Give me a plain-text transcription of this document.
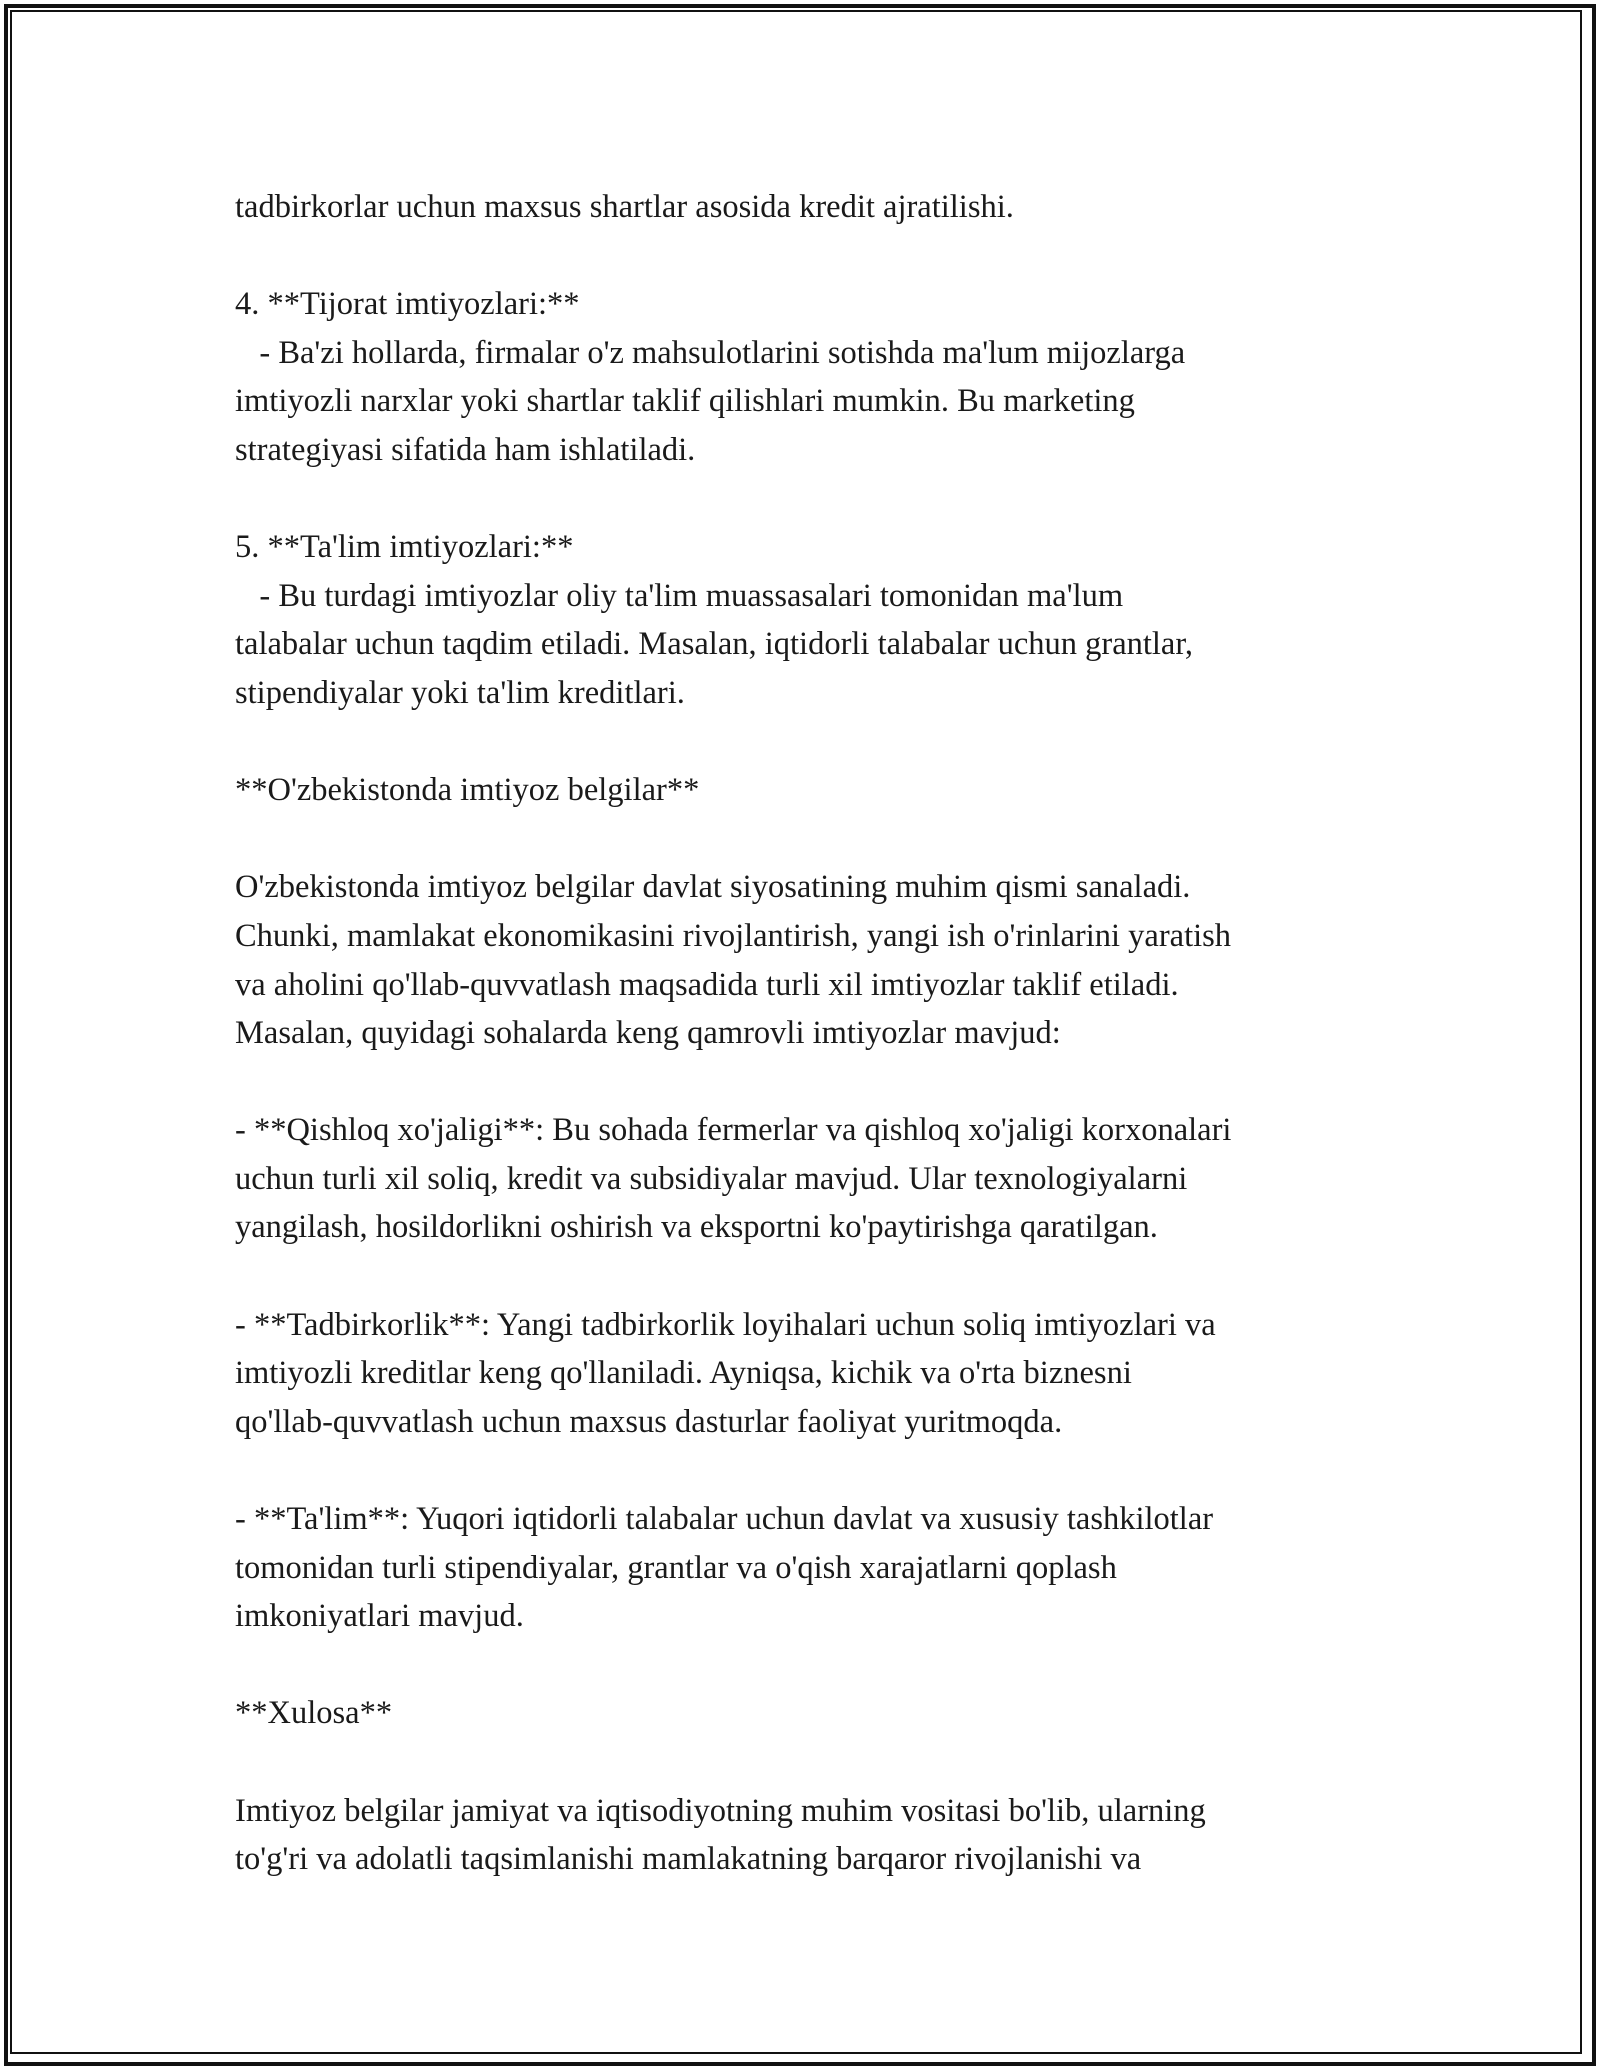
tadbirkorlar uchun maxsus shartlar asosida kredit ajratilishi.

4. **Tijorat imtiyozlari:**
- Ba'zi hollarda, firmalar o'z mahsulotlarini sotishda ma'lum mijozlarga
imtiyozli narxlar yoki shartlar taklif qilishlari mumkin. Bu marketing
strategiyasi sifatida ham ishlatiladi.

5. **Ta'lim imtiyozlari:**
- Bu turdagi imtiyozlar oliy ta'lim muassasalari tomonidan ma'lum
talabalar uchun taqdim etiladi. Masalan, iqtidorli talabalar uchun grantlar,
stipendiyalar yoki ta'lim kreditlari.

**O'zbekistonda imtiyoz belgilar**

O'zbekistonda imtiyoz belgilar davlat siyosatining muhim qismi sanaladi.
Chunki, mamlakat ekonomikasini rivojlantirish, yangi ish o'rinlarini yaratish
va aholini qo'llab-quvvatlash maqsadida turli xil imtiyozlar taklif etiladi.
Masalan, quyidagi sohalarda keng qamrovli imtiyozlar mavjud:

- **Qishloq xo'jaligi**: Bu sohada fermerlar va qishloq xo'jaligi korxonalari
uchun turli xil soliq, kredit va subsidiyalar mavjud. Ular texnologiyalarni
yangilash, hosildorlikni oshirish va eksportni ko'paytirishga qaratilgan.

- **Tadbirkorlik**: Yangi tadbirkorlik loyihalari uchun soliq imtiyozlari va
imtiyozli kreditlar keng qo'llaniladi. Ayniqsa, kichik va o'rta biznesni
qo'llab-quvvatlash uchun maxsus dasturlar faoliyat yuritmoqda.

- **Ta'lim**: Yuqori iqtidorli talabalar uchun davlat va xususiy tashkilotlar
tomonidan turli stipendiyalar, grantlar va o'qish xarajatlarni qoplash
imkoniyatlari mavjud.

**Xulosa**

Imtiyoz belgilar jamiyat va iqtisodiyotning muhim vositasi bo'lib, ularning
to'g'ri va adolatli taqsimlanishi mamlakatning barqaror rivojlanishi va
